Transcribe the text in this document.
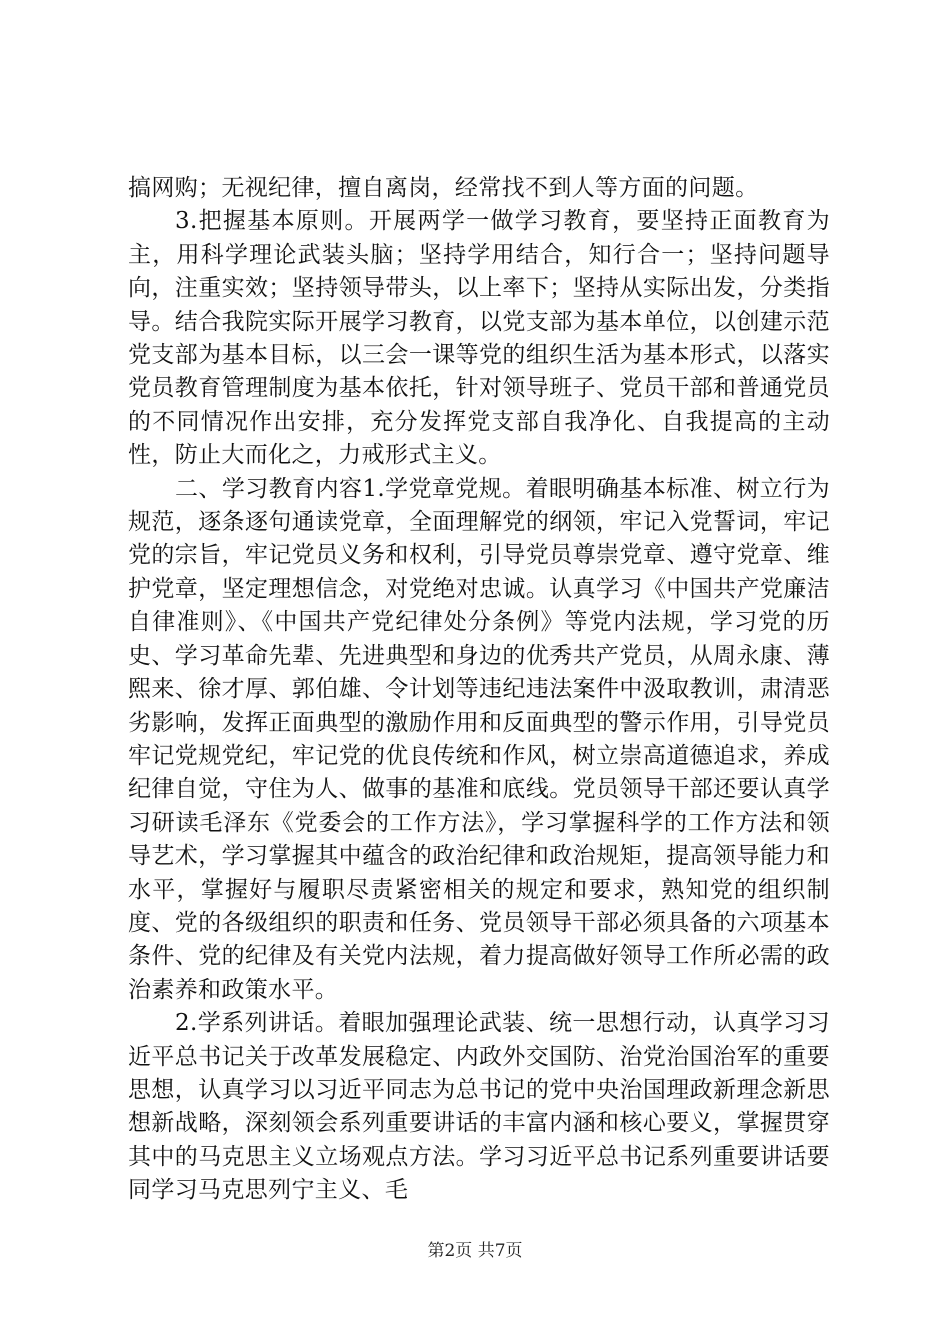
搞网购；无视纪律，擅自离岗，经常找不到人等方面的问题。

3.把握基本原则。开展两学一做学习教育，要坚持正面教育为主，用科学理论武装头脑；坚持学用结合，知行合一；坚持问题导向，注重实效；坚持领导带头，以上率下；坚持从实际出发，分类指导。结合我院实际开展学习教育，以党支部为基本单位，以创建示范党支部为基本目标，以三会一课等党的组织生活为基本形式，以落实党员教育管理制度为基本依托，针对领导班子、党员干部和普通党员的不同情况作出安排，充分发挥党支部自我净化、自我提高的主动性，防止大而化之，力戒形式主义。

二、学习教育内容1.学党章党规。着眼明确基本标准、树立行为规范，逐条逐句通读党章，全面理解党的纲领，牢记入党誓词，牢记党的宗旨，牢记党员义务和权利，引导党员尊崇党章、遵守党章、维护党章，坚定理想信念，对党绝对忠诚。认真学习《中国共产党廉洁自律准则》、《中国共产党纪律处分条例》等党内法规，学习党的历史、学习革命先辈、先进典型和身边的优秀共产党员，从周永康、薄熙来、徐才厚、郭伯雄、令计划等违纪违法案件中汲取教训，肃清恶劣影响，发挥正面典型的激励作用和反面典型的警示作用，引导党员牢记党规党纪，牢记党的优良传统和作风，树立崇高道德追求，养成纪律自觉，守住为人、做事的基准和底线。党员领导干部还要认真学习研读毛泽东《党委会的工作方法》，学习掌握科学的工作方法和领导艺术，学习掌握其中蕴含的政治纪律和政治规矩，提高领导能力和水平，掌握好与履职尽责紧密相关的规定和要求，熟知党的组织制度、党的各级组织的职责和任务、党员领导干部必须具备的六项基本条件、党的纪律及有关党内法规，着力提高做好领导工作所必需的政治素养和政策水平。

2.学系列讲话。着眼加强理论武装、统一思想行动，认真学习习近平总书记关于改革发展稳定、内政外交国防、治党治国治军的重要思想，认真学习以习近平同志为总书记的党中央治国理政新理念新思想新战略，深刻领会系列重要讲话的丰富内涵和核心要义，掌握贯穿其中的马克思主义立场观点方法。学习习近平总书记系列重要讲话要同学习马克思列宁主义、毛

第2页 共7页
